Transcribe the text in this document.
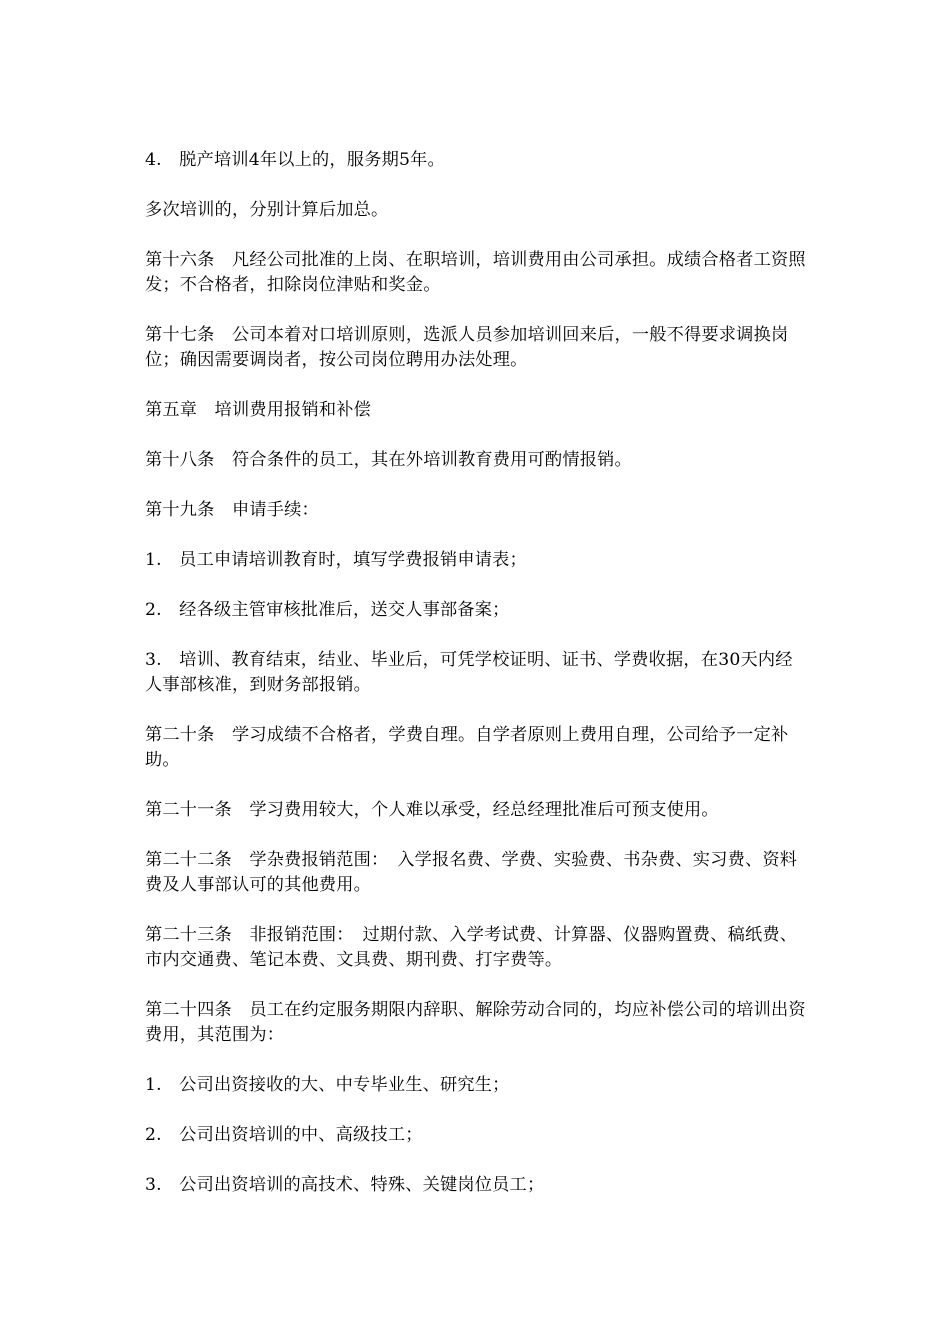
4.　脱产培训4年以上的，服务期5年。

多次培训的，分别计算后加总。

第十六条　凡经公司批准的上岗、在职培训，培训费用由公司承担。成绩合格者工资照发；不合格者，扣除岗位津贴和奖金。

第十七条　公司本着对口培训原则，选派人员参加培训回来后，一般不得要求调换岗位；确因需要调岗者，按公司岗位聘用办法处理。

第五章　培训费用报销和补偿

第十八条　符合条件的员工，其在外培训教育费用可酌情报销。

第十九条　申请手续：

1.　员工申请培训教育时，填写学费报销申请表；

2.　经各级主管审核批准后，送交人事部备案；

3.　培训、教育结束，结业、毕业后，可凭学校证明、证书、学费收据，在30天内经人事部核准，到财务部报销。

第二十条　学习成绩不合格者，学费自理。自学者原则上费用自理，公司给予一定补助。

第二十一条　学习费用较大，个人难以承受，经总经理批准后可预支使用。

第二十二条　学杂费报销范围：　入学报名费、学费、实验费、书杂费、实习费、资料费及人事部认可的其他费用。

第二十三条　非报销范围：　过期付款、入学考试费、计算器、仪器购置费、稿纸费、市内交通费、笔记本费、文具费、期刊费、打字费等。

第二十四条　员工在约定服务期限内辞职、解除劳动合同的，均应补偿公司的培训出资费用，其范围为：

1.　公司出资接收的大、中专毕业生、研究生；

2.　公司出资培训的中、高级技工；

3.　公司出资培训的高技术、特殊、关键岗位员工；
